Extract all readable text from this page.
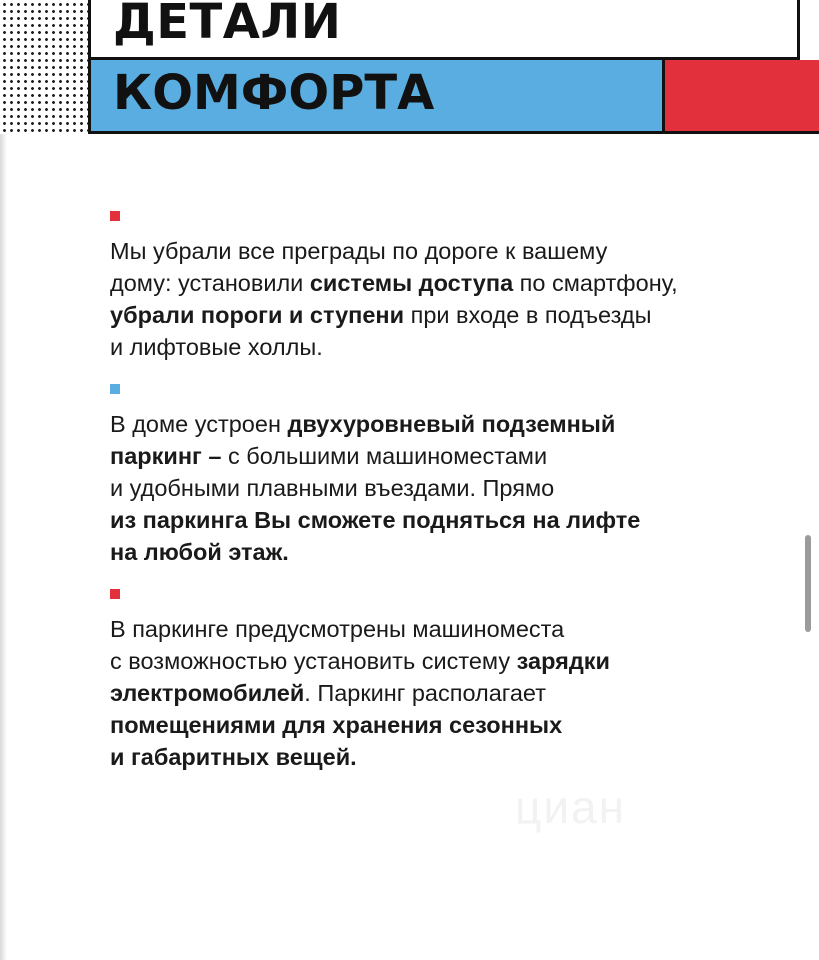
ДЕТАЛИ
КОМФОРТА

Мы убрали все преграды по дороге к вашему
дому: установили системы доступа по смартфону,
убрали пороги и ступени при входе в подъезды
и лифтовые холлы.

В доме устроен двухуровневый подземный
паркинг – с большими машиноместами
и удобными плавными въездами. Прямо
из паркинга Вы сможете подняться на лифте
на любой этаж.

В паркинге предусмотрены машиноместа
с возможностью установить систему зарядки
электромобилей. Паркинг располагает
помещениями для хранения сезонных
и габаритных вещей.

циан
